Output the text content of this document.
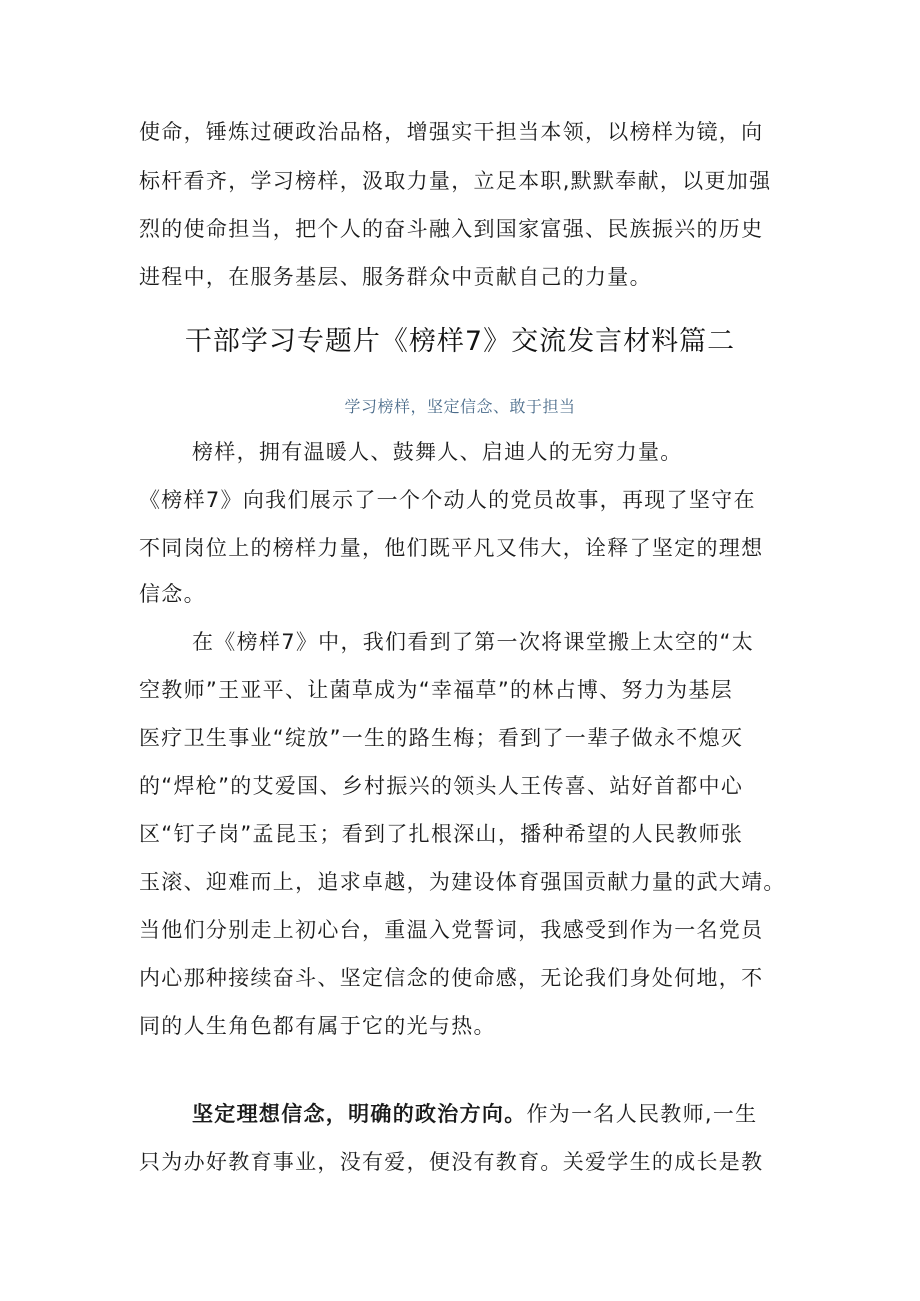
使命，锤炼过硬政治品格，增强实干担当本领，以榜样为镜，向
标杆看齐，学习榜样，汲取力量，立足本职,默默奉献，以更加强
烈的使命担当，把个人的奋斗融入到国家富强、民族振兴的历史
进程中，在服务基层、服务群众中贡献自己的力量。
干部学习专题片《榜样7》交流发言材料篇二
学习榜样，坚定信念、敢于担当
榜样，拥有温暖人、鼓舞人、启迪人的无穷力量。
《榜样7》向我们展示了一个个动人的党员故事，再现了坚守在
不同岗位上的榜样力量，他们既平凡又伟大，诠释了坚定的理想
信念。
在《榜样7》中，我们看到了第一次将课堂搬上太空的“太
空教师”王亚平、让菌草成为“幸福草”的林占博、努力为基层
医疗卫生事业“绽放”一生的路生梅；看到了一辈子做永不熄灭
的“焊枪”的艾爱国、乡村振兴的领头人王传喜、站好首都中心
区“钉子岗”孟昆玉；看到了扎根深山，播种希望的人民教师张
玉滚、迎难而上，追求卓越，为建设体育强国贡献力量的武大靖。
当他们分别走上初心台，重温入党誓词，我感受到作为一名党员
内心那种接续奋斗、坚定信念的使命感，无论我们身处何地，不
同的人生角色都有属于它的光与热。
坚定理想信念，明确的政治方向。作为一名人民教师,一生
只为办好教育事业，没有爱，便没有教育。关爱学生的成长是教
